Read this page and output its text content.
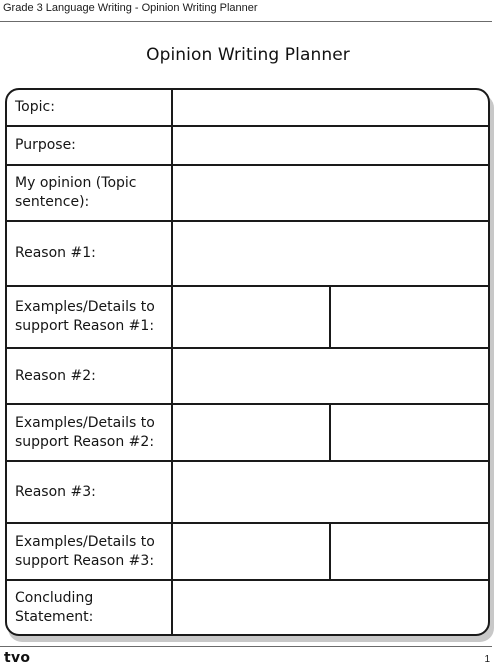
Grade 3 Language Writing - Opinion Writing Planner
Opinion Writing Planner
Topic:		

Purpose:		

My opinion (Topic sentence):		

Reason #1:		

Examples/Details to support Reason #1:		

Reason #2:		

Examples/Details to support Reason #2:		

Reason #3:		

Examples/Details to support Reason #3:		

Concluding Statement:		

tvo	1
